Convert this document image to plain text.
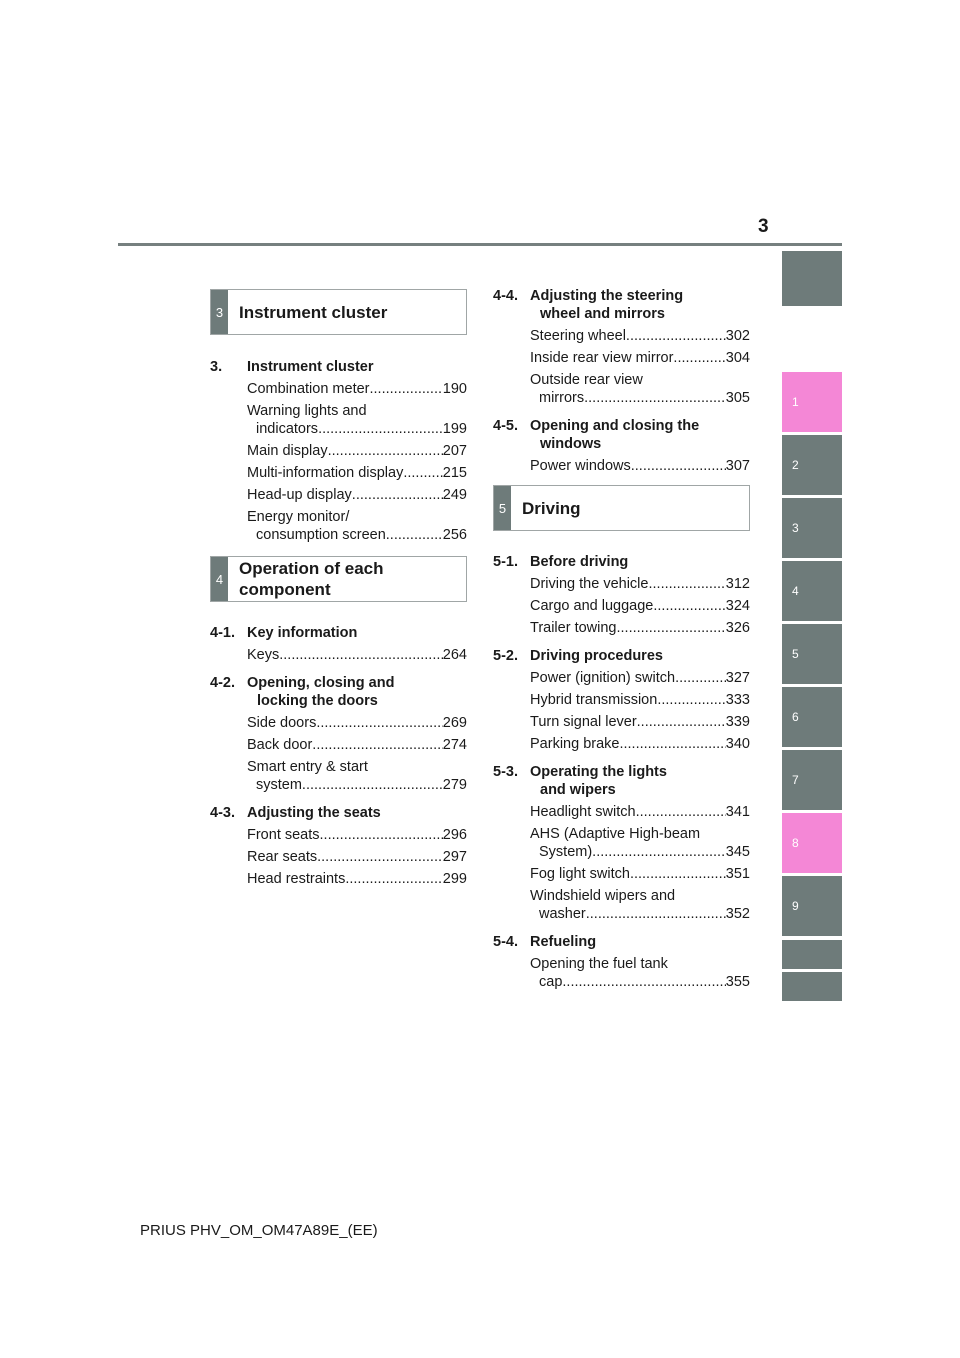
3
1
2
3
4
5
6
7
8
9
3 Instrument cluster
3.	Instrument cluster
Combination meter .....	190
Warning lights and
indicators .....	199
Main display .....	207
Multi-information display .....	215
Head-up display .....	249
Energy monitor/
consumption screen .....	256
4
Operation of each
component
4-1. Key information
Keys .....	264
4-2. Opening, closing and
locking the doors
Side doors .....	269
Back door .....	274
Smart entry & start
system .....	279
4-3. Adjusting the seats
Front seats .....	296
Rear seats .....	297
Head restraints .....	299
4-4. Adjusting the steering
wheel and mirrors
Steering wheel .....	302
Inside rear view mirror .....	304
Outside rear view
mirrors .....	305
4-5. Opening and closing the
windows
Power windows .....	307
5 Driving
5-1. Before driving
Driving the vehicle .....	312
Cargo and luggage .....	324
Trailer towing .....	326
5-2. Driving procedures
Power (ignition) switch .....	327
Hybrid transmission .....	333
Turn signal lever .....	339
Parking brake .....	340
5-3. Operating the lights
and wipers
Headlight switch .....	341
AHS (Adaptive High-beam
System) .....	345
Fog light switch .....	351
Windshield wipers and
washer .....	352
5-4. Refueling
Opening the fuel tank
cap .....	355
PRIUS PHV_OM_OM47A89E_(EE)
